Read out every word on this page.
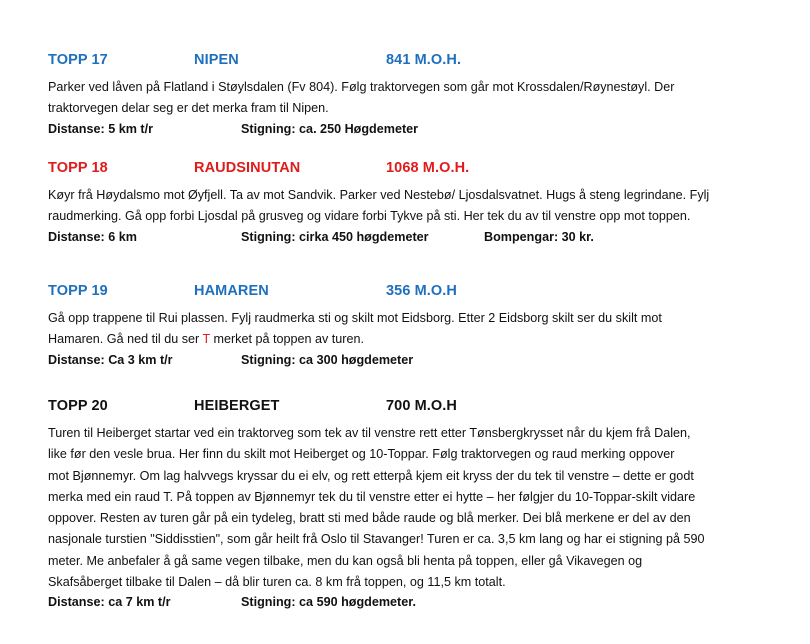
TOPP 17	NIPEN	841 M.O.H.
Parker ved låven på Flatland i Støylsdalen (Fv 804). Følg traktorvegen som går mot Krossdalen/Røynestøyl. Der
traktorvegen delar seg er det merka fram til Nipen.
Distanse: 5 km t/r	Stigning: ca. 250 Høgdemeter
TOPP 18	RAUDSINUTAN	1068 M.O.H.
Køyr frå Høydalsmo mot Øyfjell. Ta av mot Sandvik. Parker ved Nestebø/ Ljosdalsvatnet. Hugs å steng legrindane. Fylj
raudmerking. Gå opp forbi Ljosdal på grusveg og vidare forbi Tykve på sti. Her tek du av til venstre opp mot toppen.
Distanse: 6 km	Stigning: cirka 450 høgdemeter	Bompengar: 30 kr.
TOPP 19	HAMAREN	356 M.O.H
Gå opp trappene til Rui plassen. Fylj raudmerka sti og skilt mot Eidsborg. Etter 2 Eidsborg skilt ser du skilt mot
Hamaren. Gå ned til du ser T merket på toppen av turen.
Distanse: Ca 3 km t/r	Stigning: ca 300 høgdemeter
TOPP 20	HEIBERGET	700 M.O.H
Turen til Heiberget startar ved ein traktorveg som tek av til venstre rett etter Tønsbergkrysset når du kjem frå Dalen,
like før den vesle brua. Her finn du skilt mot Heiberget og 10-Toppar. Følg traktorvegen og raud merking oppover
mot Bjønnemyr. Om lag halvvegs kryssar du ei elv, og rett etterpå kjem eit kryss der du tek til venstre – dette er godt
merka med ein raud T. På toppen av Bjønnemyr tek du til venstre etter ei hytte – her følgjer du 10-Toppar-skilt vidare
oppover. Resten av turen går på ein tydeleg, bratt sti med både raude og blå merker. Dei blå merkene er del av den
nasjonale turstien "Siddisstien", som går heilt frå Oslo til Stavanger! Turen er ca. 3,5 km lang og har ei stigning på 590
meter. Me anbefaler å gå same vegen tilbake, men du kan også bli henta på toppen, eller gå Vikavegen og
Skafsåberget tilbake til Dalen – då blir turen ca. 8 km frå toppen, og 11,5 km totalt.
Distanse: ca 7 km t/r	Stigning: ca 590 høgdemeter.
